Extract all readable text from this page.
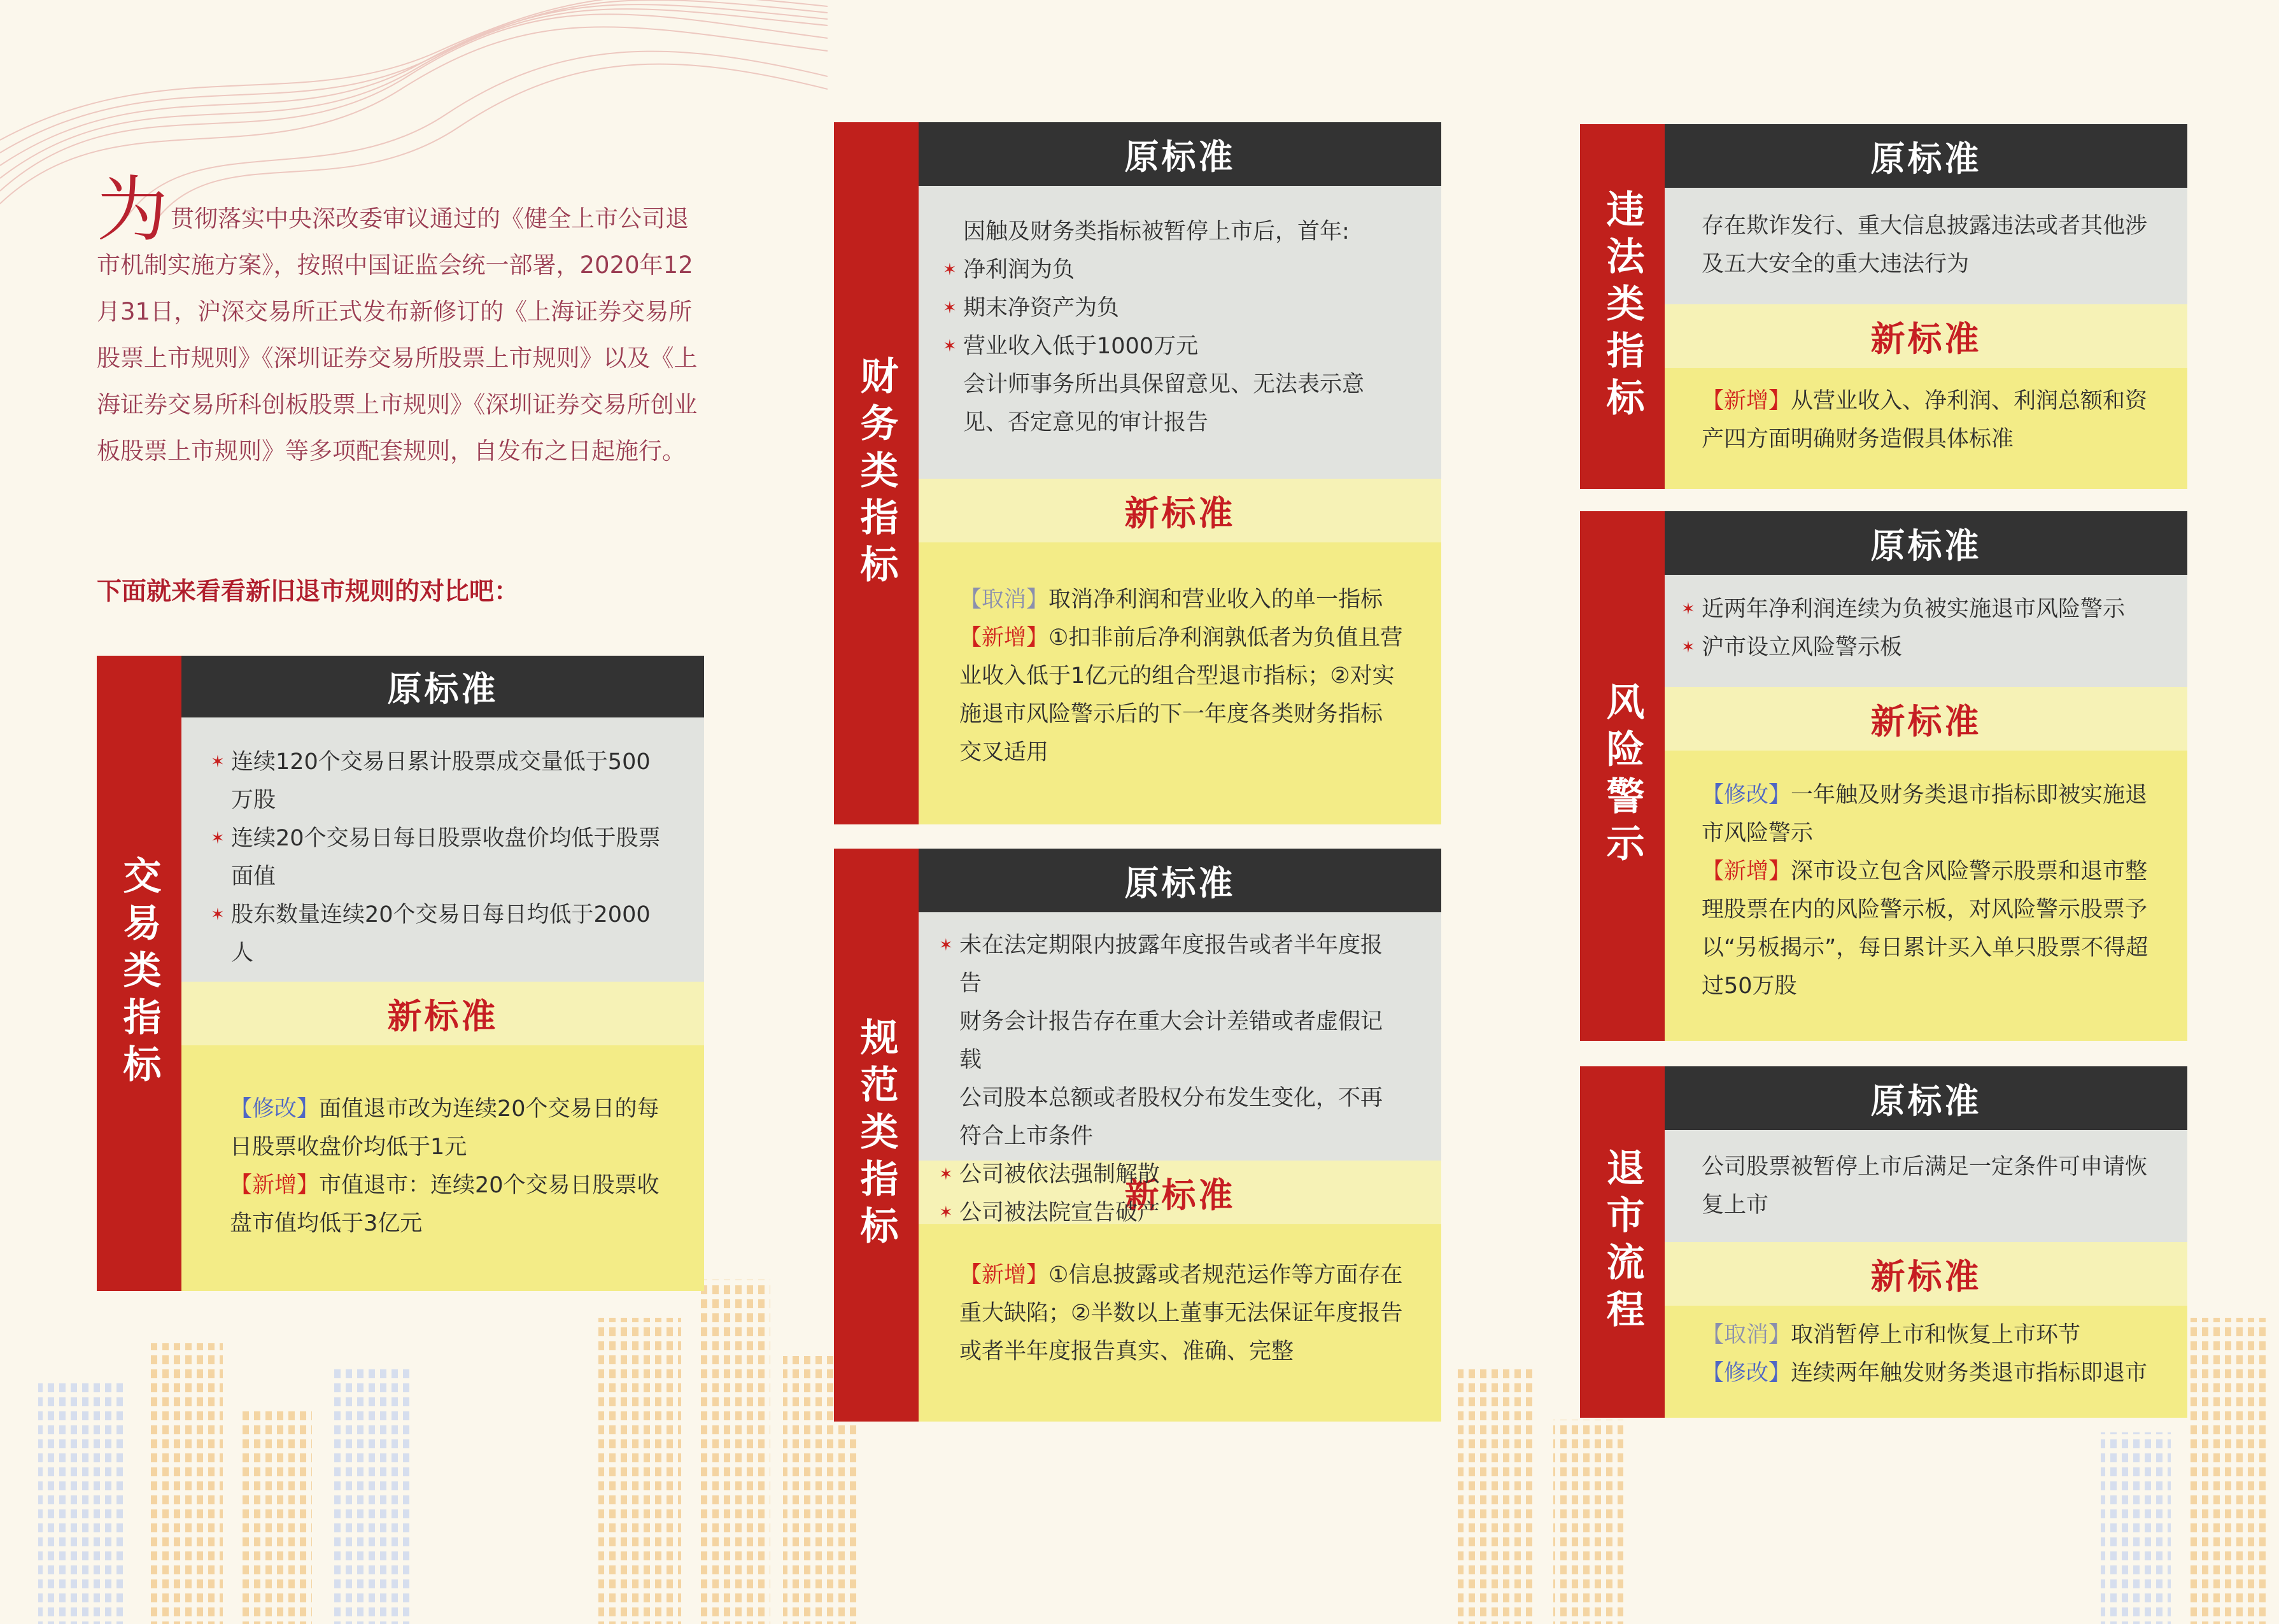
为贯彻落实中央深改委审议通过的《健全上市公司退市机制实施方案》，按照中国证监会统一部署，2020年12月31日，沪深交易所正式发布新修订的《上海证券交易所股票上市规则》《深圳证券交易所股票上市规则》以及《上海证券交易所科创板股票上市规则》《深圳证券交易所创业板股票上市规则》等多项配套规则，自发布之日起施行。
下面就来看看新旧退市规则的对比吧：
交易类指标
原标准
✶ 连续120个交易日累计股票成交量低于500万股
✶ 连续20个交易日每日股票收盘价均低于股票面值
✶ 股东数量连续20个交易日每日均低于2000人
新标准
【修改】面值退市改为连续20个交易日的每日股票收盘价均低于1元
【新增】市值退市：连续20个交易日股票收盘市值均低于3亿元
财务类指标
原标准
因触及财务类指标被暂停上市后，首年:
✶ 净利润为负
✶ 期末净资产为负
✶ 营业收入低于1000万元
会计师事务所出具保留意见、无法表示意见、否定意见的审计报告
新标准
【取消】取消净利润和营业收入的单一指标
【新增】①扣非前后净利润孰低者为负值且营业收入低于1亿元的组合型退市指标；②对实施退市风险警示后的下一年度各类财务指标交叉适用
规范类指标
原标准
✶ 未在法定期限内披露年度报告或者半年度报告
财务会计报告存在重大会计差错或者虚假记载
公司股本总额或者股权分布发生变化，不再符合上市条件
✶ 公司被依法强制解散
✶ 公司被法院宣告破产
新标准
【新增】①信息披露或者规范运作等方面存在重大缺陷；②半数以上董事无法保证年度报告或者半年度报告真实、准确、完整
违法类指标
原标准
存在欺诈发行、重大信息披露违法或者其他涉及五大安全的重大违法行为
新标准
【新增】从营业收入、净利润、利润总额和资产四方面明确财务造假具体标准
风险警示
原标准
✶ 近两年净利润连续为负被实施退市风险警示
✶ 沪市设立风险警示板
新标准
【修改】一年触及财务类退市指标即被实施退市风险警示
【新增】深市设立包含风险警示股票和退市整理股票在内的风险警示板，对风险警示股票予以“另板揭示”，每日累计买入单只股票不得超过50万股
退市流程
原标准
公司股票被暂停上市后满足一定条件可申请恢复上市
新标准
【取消】取消暂停上市和恢复上市环节
【修改】连续两年触发财务类退市指标即退市
